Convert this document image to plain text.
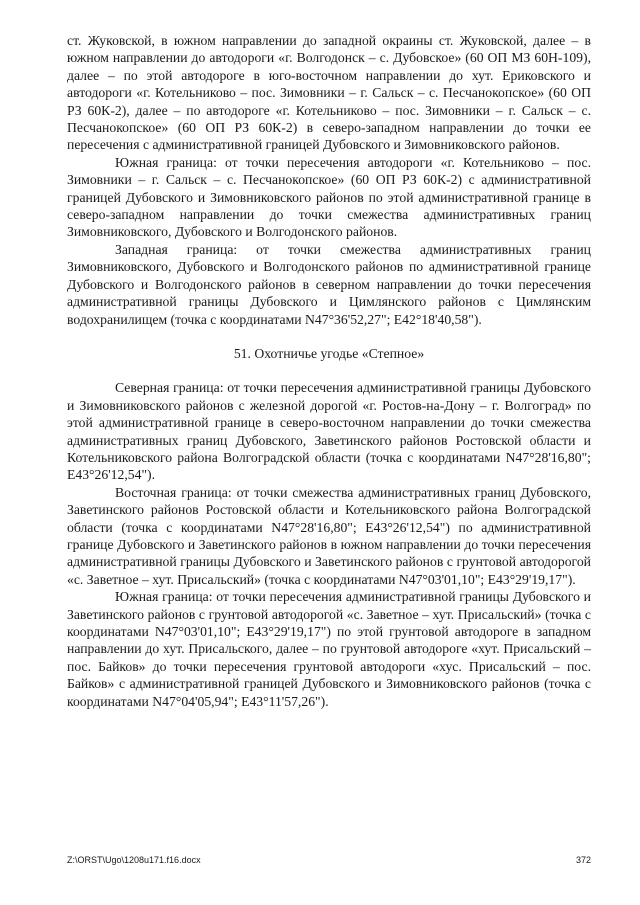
ст. Жуковской, в южном направлении до западной окраины ст. Жуковской, далее – в южном направлении до автодороги «г. Волгодонск – с. Дубовское» (60 ОП МЗ 60Н-109), далее – по этой автодороге в юго-восточном направлении до хут. Ериковского и автодороги «г. Котельниково – пос. Зимовники – г. Сальск – с. Песчанокопское» (60 ОП РЗ 60К-2), далее – по автодороге «г. Котельниково – пос. Зимовники – г. Сальск – с. Песчанокопское» (60 ОП РЗ 60К-2) в северо-западном направлении до точки ее пересечения с административной границей Дубовского и Зимовниковского районов.

Южная граница: от точки пересечения автодороги «г. Котельниково – пос. Зимовники – г. Сальск – с. Песчанокопское» (60 ОП РЗ 60К-2) с административной границей Дубовского и Зимовниковского районов по этой административной границе в северо-западном направлении до точки смежества административных границ Зимовниковского, Дубовского и Волгодонского районов.

Западная граница: от точки смежества административных границ Зимовниковского, Дубовского и Волгодонского районов по административной границе Дубовского и Волгодонского районов в северном направлении до точки пересечения административной границы Дубовского и Цимлянского районов с Цимлянским водохранилищем (точка с координатами N47°36'52,27"; E42°18'40,58").

51. Охотничье угодье «Степное»

Северная граница: от точки пересечения административной границы Дубовского и Зимовниковского районов с железной дорогой «г. Ростов-на-Дону – г. Волгоград» по этой административной границе в северо-восточном направлении до точки смежества административных границ Дубовского, Заветинского районов Ростовской области и Котельниковского района Волгоградской области (точка с координатами N47°28'16,80"; E43°26'12,54").

Восточная граница: от точки смежества административных границ Дубовского, Заветинского районов Ростовской области и Котельниковского района Волгоградской области (точка с координатами N47°28'16,80"; E43°26'12,54") по административной границе Дубовского и Заветинского районов в южном направлении до точки пересечения административной границы Дубовского и Заветинского районов с грунтовой автодорогой «с. Заветное – хут. Присальский» (точка с координатами N47°03'01,10"; E43°29'19,17").

Южная граница: от точки пересечения административной границы Дубовского и Заветинского районов с грунтовой автодорогой «с. Заветное – хут. Присальский» (точка с координатами N47°03'01,10"; E43°29'19,17") по этой грунтовой автодороге в западном направлении до хут. Присальского, далее – по грунтовой автодороге «хут. Присальский – пос. Байков» до точки пересечения грунтовой автодороги «хус. Присальский – пос. Байков» с административной границей Дубовского и Зимовниковского районов (точка с координатами N47°04'05,94"; E43°11'57,26").

Z:\ORST\Ugo\1208u171.f16.docx	372
